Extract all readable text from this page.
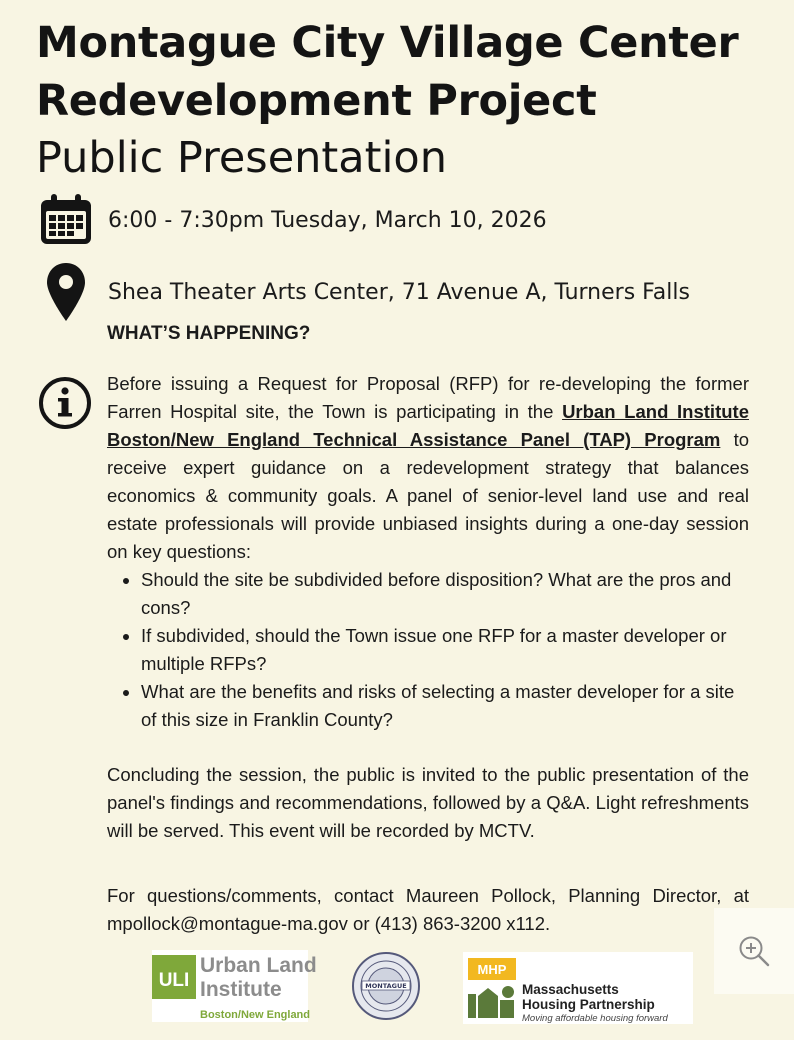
Montague City Village Center Redevelopment Project
Public Presentation
6:00 - 7:30pm Tuesday, March 10, 2026
Shea Theater Arts Center, 71 Avenue A, Turners Falls
WHAT’S HAPPENING?
Before issuing a Request for Proposal (RFP) for re-developing the former Farren Hospital site, the Town is participating in the Urban Land Institute Boston/New England Technical Assistance Panel (TAP) Program to receive expert guidance on a redevelopment strategy that balances economics & community goals. A panel of senior-level land use and real estate professionals will provide unbiased insights during a one-day session on key questions:
• Should the site be subdivided before disposition? What are the pros and cons?
• If subdivided, should the Town issue one RFP for a master developer or multiple RFPs?
• What are the benefits and risks of selecting a master developer for a site of this size in Franklin County?
Concluding the session, the public is invited to the public presentation of the panel's findings and recommendations, followed by a Q&A. Light refreshments will be served. This event will be recorded by MCTV.
For questions/comments, contact Maureen Pollock, Planning Director, at mpollock@montague-ma.gov or (413) 863-3200 x112.
ULI
Urban Land
Institute
Boston/New England
MONTAGUE
MHP
Massachusetts
Housing Partnership
Moving affordable housing forward
